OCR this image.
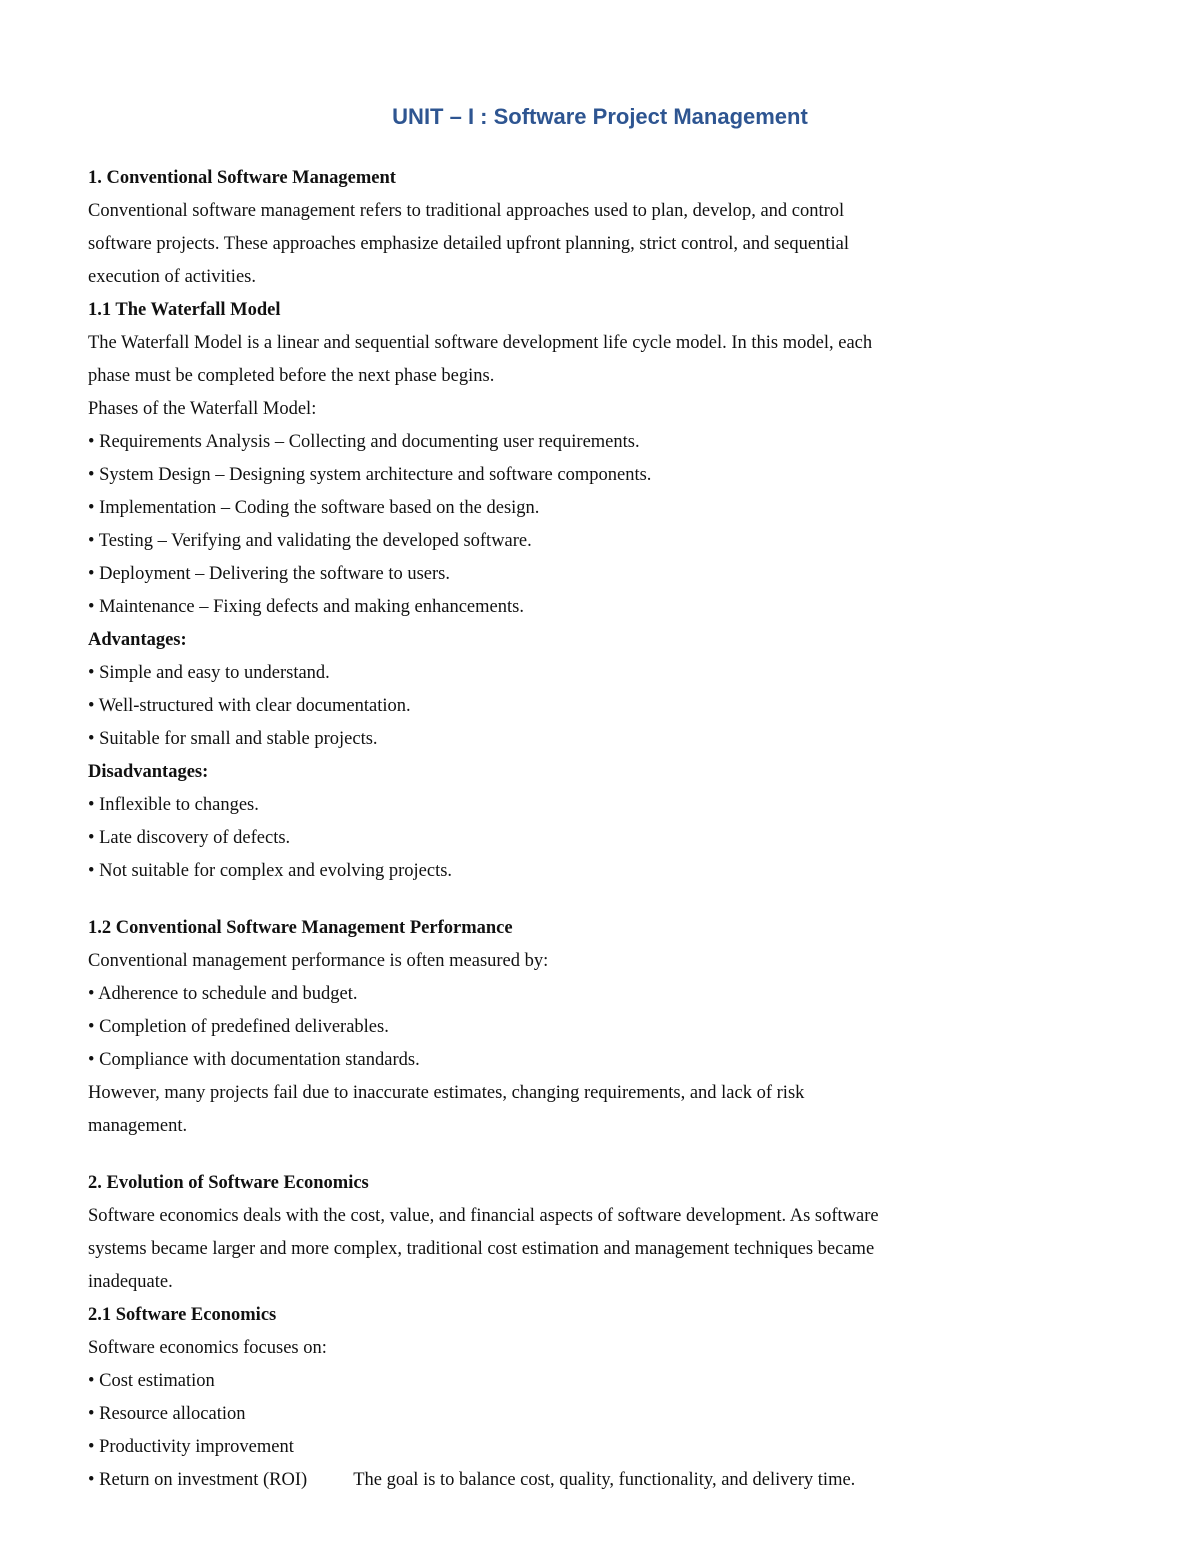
UNIT – I : Software Project Management

1. Conventional Software Management

Conventional software management refers to traditional approaches used to plan, develop, and control

software projects. These approaches emphasize detailed upfront planning, strict control, and sequential

execution of activities.

1.1 The Waterfall Model

The Waterfall Model is a linear and sequential software development life cycle model. In this model, each

phase must be completed before the next phase begins.

Phases of the Waterfall Model:

• Requirements Analysis – Collecting and documenting user requirements.

• System Design – Designing system architecture and software components.

• Implementation – Coding the software based on the design.

• Testing – Verifying and validating the developed software.

• Deployment – Delivering the software to users.

• Maintenance – Fixing defects and making enhancements.

Advantages:

• Simple and easy to understand.

• Well-structured with clear documentation.

• Suitable for small and stable projects.

Disadvantages:

• Inflexible to changes.

• Late discovery of defects.

• Not suitable for complex and evolving projects.

1.2 Conventional Software Management Performance

Conventional management performance is often measured by:

• Adherence to schedule and budget.

• Completion of predefined deliverables.

• Compliance with documentation standards.

However, many projects fail due to inaccurate estimates, changing requirements, and lack of risk

management.

2. Evolution of Software Economics

Software economics deals with the cost, value, and financial aspects of software development. As software

systems became larger and more complex, traditional cost estimation and management techniques became

inadequate.

2.1 Software Economics

Software economics focuses on:

• Cost estimation

• Resource allocation

• Productivity improvement

• Return on investment (ROI) The goal is to balance cost, quality, functionality, and delivery time.
